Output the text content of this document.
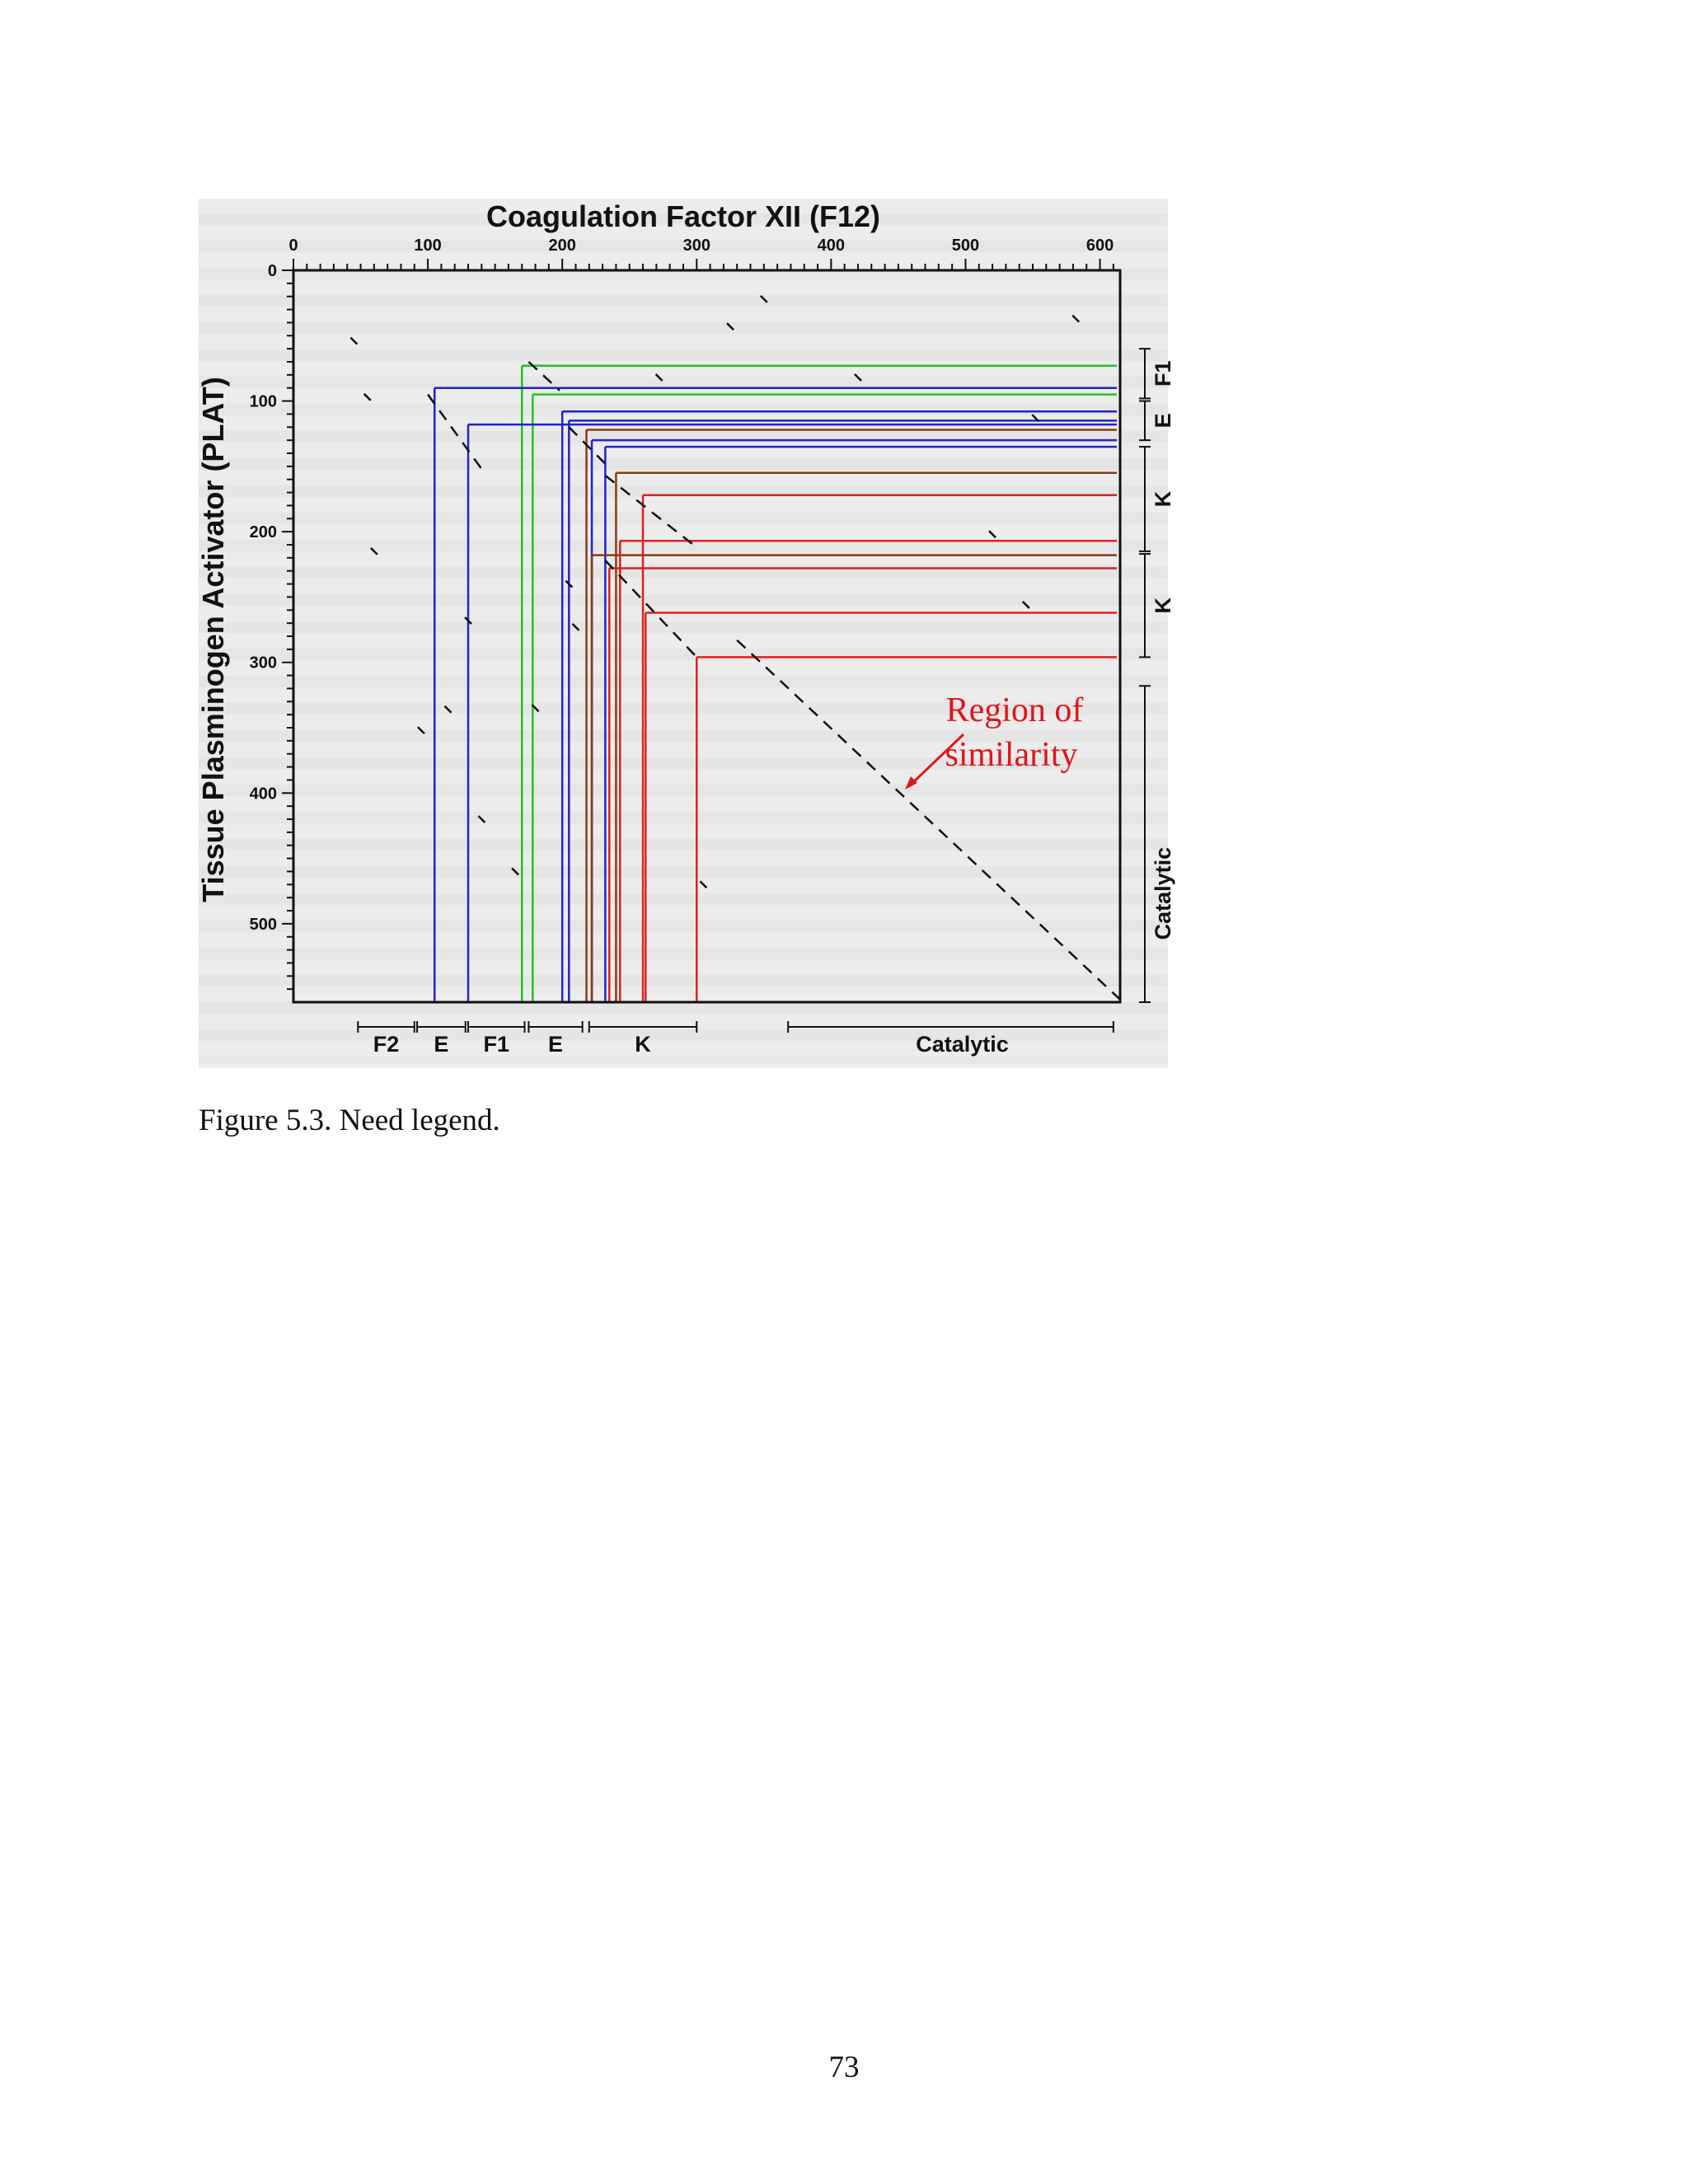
0	100	200	300	400	500	600
0
100
200
300
400
500
Coagulation Factor XII (F12)
Tissue Plasminogen Activator (PLAT)
F2 E F1 E	K	Catalytic
F1
E
K
K
Catalytic
Region of
similarity

Figure 5.3. Need legend.

73
